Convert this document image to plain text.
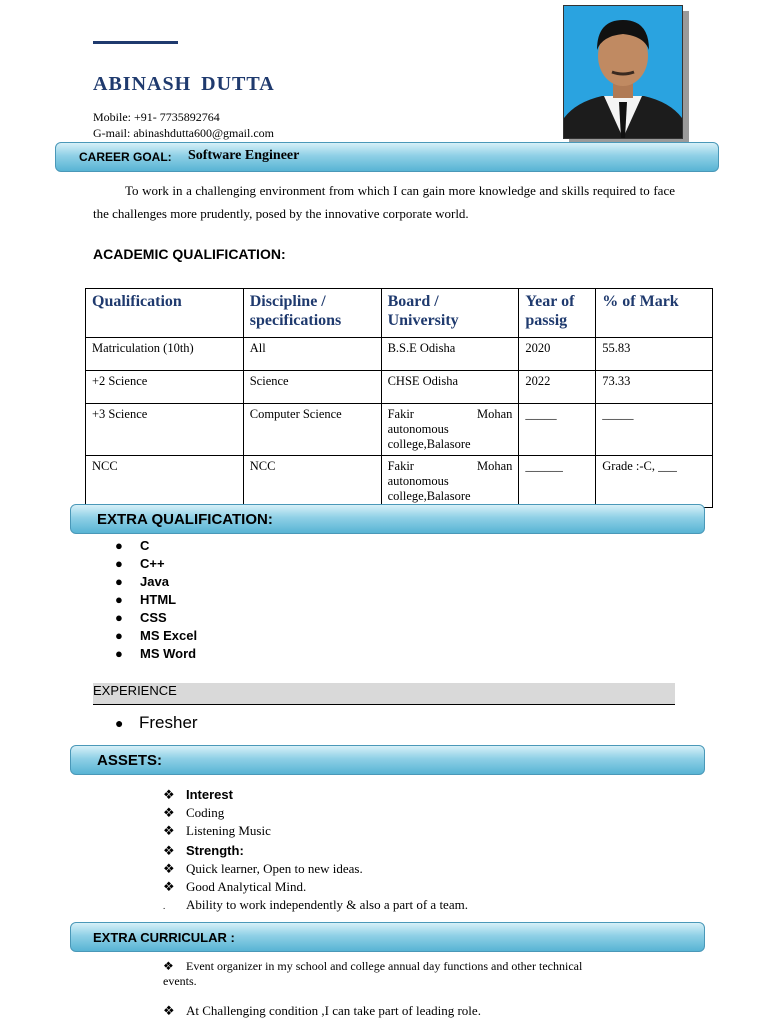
ABINASH DUTTA
Mobile: +91- 7735892764
G-mail: abinashdutta600@gmail.com
CAREER GOAL: Software Engineer
To work in a challenging environment from which I can gain more knowledge and skills required to face the challenges more prudently, posed by the innovative corporate world.
ACADEMIC QUALIFICATION:
Qualification	Discipline / specifications	Board / University	Year of passig	% of Mark
Matriculation (10th)	All	B.S.E Odisha	2020	55.83
+2 Science	Science	CHSE Odisha	2022	73.33
+3 Science	Computer Science	Fakir Mohan autonomous college,Balasore	_____	_____
NCC	NCC	Fakir Mohan autonomous college,Balasore	______	Grade :-C, ___
EXTRA QUALIFICATION:
● C
● C++
● Java
● HTML
● CSS
● MS Excel
● MS Word
EXPERIENCE
● Fresher
ASSETS:
❖ Interest
❖ Coding
❖ Listening Music
❖ Strength:
❖ Quick learner, Open to new ideas.
❖ Good Analytical Mind.
. Ability to work independently & also a part of a team.
EXTRA CURRICULAR :
❖ Event organizer in my school and college annual day functions and other technical events.
❖ At Challenging condition ,I can take part of leading role.
